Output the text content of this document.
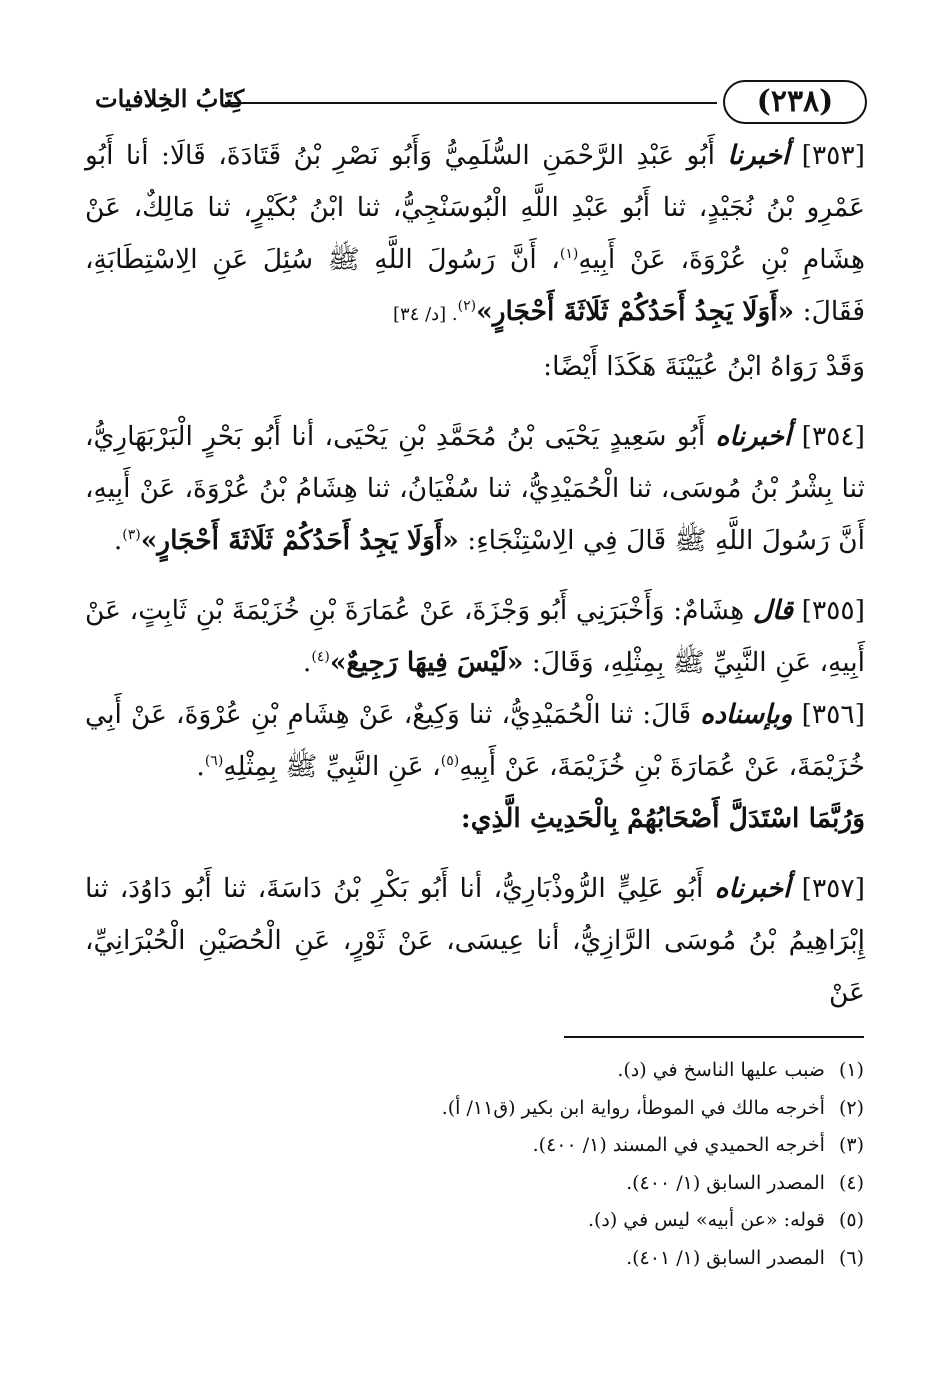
(٢٣٨)
كِتَابُ الخِلافيات

[٣٥٣] أخبرنا أَبُو عَبْدِ الرَّحْمَنِ السُّلَمِيُّ وَأَبُو نَصْرِ بْنُ قَتَادَةَ، قَالَا: أنا أَبُو عَمْرِو بْنُ نُجَيْدٍ، ثنا أَبُو عَبْدِ اللَّهِ الْبُوسَنْجِيُّ، ثنا ابْنُ بُكَيْرٍ، ثنا مَالِكٌ، عَنْ هِشَامِ بْنِ عُرْوَةَ، عَنْ أَبِيهِ$^{(١)}$، أَنَّ رَسُولَ اللَّهِ ﷺ سُئِلَ عَنِ الِاسْتِطَابَةِ، فَقَالَ: «أَوَلَا يَجِدُ أَحَدُكُمْ ثَلَاثَةَ أَحْجَارٍ»$^{(٢)}$. [د/ ٣٤]

وَقَدْ رَوَاهُ ابْنُ عُيَيْنَةَ هَكَذَا أَيْضًا:

[٣٥٤] أخبرناه أَبُو سَعِيدٍ يَحْيَى بْنُ مُحَمَّدِ بْنِ يَحْيَى، أنا أَبُو بَحْرٍ الْبَرْبَهَارِيُّ، ثنا بِشْرُ بْنُ مُوسَى، ثنا الْحُمَيْدِيُّ، ثنا سُفْيَانُ، ثنا هِشَامُ بْنُ عُرْوَةَ، عَنْ أَبِيهِ، أَنَّ رَسُولَ اللَّهِ ﷺ قَالَ فِي الِاسْتِنْجَاءِ: «أَوَلَا يَجِدُ أَحَدُكُمْ ثَلَاثَةَ أَحْجَارٍ»$^{(٣)}$.

[٣٥٥] قال هِشَامٌ: وَأَخْبَرَنِي أَبُو وَجْزَةَ، عَنْ عُمَارَةَ بْنِ خُزَيْمَةَ بْنِ ثَابِتٍ، عَنْ أَبِيهِ، عَنِ النَّبِيِّ ﷺ بِمِثْلِهِ، وَقَالَ: «لَيْسَ فِيهَا رَجِيعٌ»$^{(٤)}$.

[٣٥٦] وبإسناده قَالَ: ثنا الْحُمَيْدِيُّ، ثنا وَكِيعٌ، عَنْ هِشَامِ بْنِ عُرْوَةَ، عَنْ أَبِي خُزَيْمَةَ، عَنْ عُمَارَةَ بْنِ خُزَيْمَةَ، عَنْ أَبِيهِ$^{(٥)}$، عَنِ النَّبِيِّ ﷺ بِمِثْلِهِ$^{(٦)}$.

وَرُبَّمَا اسْتَدَلَّ أَصْحَابُهُمْ بِالْحَدِيثِ الَّذِي:

[٣٥٧] أخبرناه أَبُو عَلِيٍّ الرُّوذْبَارِيُّ، أنا أَبُو بَكْرِ بْنُ دَاسَةَ، ثنا أَبُو دَاوُدَ، ثنا إِبْرَاهِيمُ بْنُ مُوسَى الرَّازِيُّ، أنا عِيسَى، عَنْ ثَوْرٍ، عَنِ الْحُصَيْنِ الْحُبْرَانِيِّ، عَنْ

(١)ضبب عليها الناسخ في (د).

(٢)أخرجه مالك في الموطأ، رواية ابن بكير (ق١١/ أ).

(٣)أخرجه الحميدي في المسند (١/ ٤٠٠).

(٤)المصدر السابق (١/ ٤٠٠).

(٥)قوله: «عن أبيه» ليس في (د).

(٦)المصدر السابق (١/ ٤٠١).
